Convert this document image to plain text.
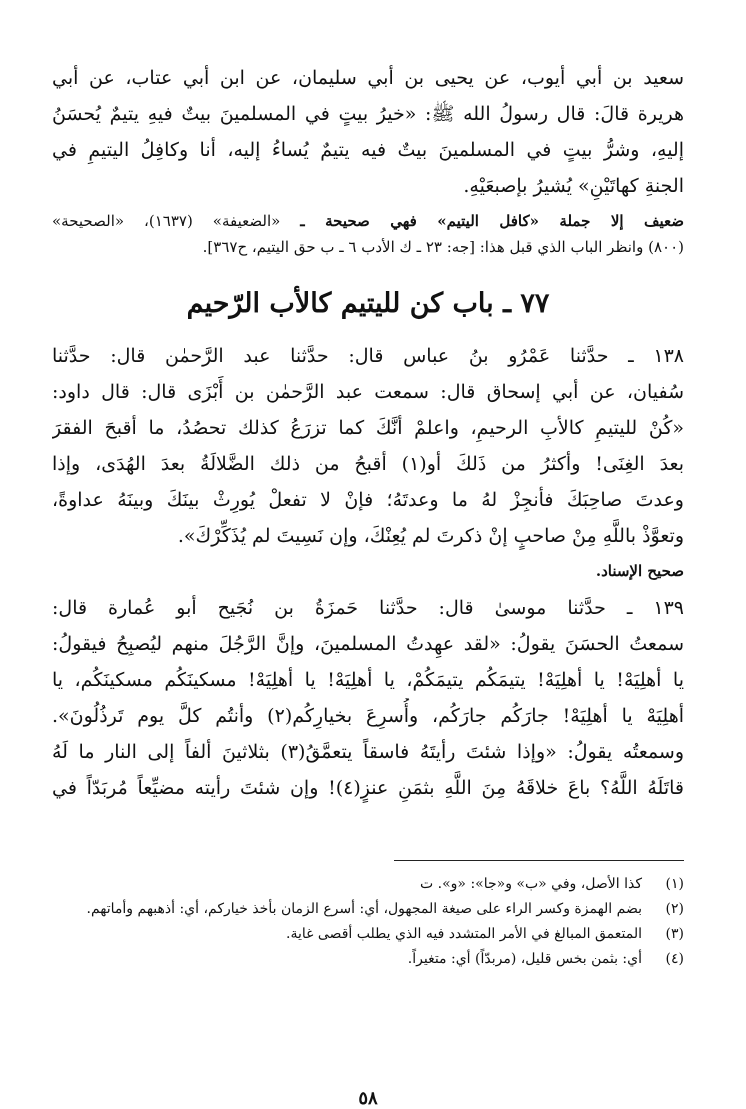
سعيد بن أبي أيوب، عن يحيى بن أبي سليمان، عن ابن أبي عتاب، عن أبي
هريرة قالَ: قال رسولُ الله ﷺ: «خيرُ بيتٍ في المسلمينَ بيتٌ فيهِ يتيمٌ يُحسَنُ
إليهِ، وشرُّ بيتٍ في المسلمينَ بيتٌ فيه يتيمٌ يُساءُ إليه، أنا وكافِلُ اليتيمِ في
الجنةِ كهاتَيْنِ» يُشيرُ بإصبعَيْهِ.
ضعيف إلا جملة «كافل اليتيم» فهي صحيحة ـ «الضعيفة» (١٦٣٧)، «الصحيحة»
(٨٠٠) وانظر الباب الذي قبل هذا: [جه: ٢٣ ـ ك الأدب ٦ ـ ب حق اليتيم، ح٣٦٧].
٧٧ ـ باب كن لليتيم كالأب الرّحيم
١٣٨ ـ حدَّثنا عَمْرُو بنُ عباس قال: حدَّثنا عبد الرَّحمٰن قال: حدَّثنا
سُفيان، عن أبي إسحاق قال: سمعت عبد الرَّحمٰن بن أَبْزَى قال: قال داود:
«كُنْ لليتيمِ كالأبِ الرحيمِ، واعلمْ أنَّكَ كما تزرَعُ كذلك تحصُدُ، ما أقبحَ الفقرَ
بعدَ الغِنَى! وأكثرُ من ذَلكَ أو(١) أقبحُ من ذلك الضَّلالَةُ بعدَ الهُدَى، وإذا
وعدتَ صاحِبَكَ فأنجِزْ لهُ ما وعدتَهُ؛ فإنْ لا تفعلْ يُورِثْ بينَكَ وبينَهُ عداوةً،
وتعوَّذْ باللَّهِ مِنْ صاحبٍ إنْ ذكرتَ لم يُعِنْكَ، وإن نَسِيتَ لم يُذَكِّرْكَ».
صحيح الإسناد.
١٣٩ ـ حدَّثنا موسىٰ قال: حدَّثنا حَمزَةُ بن نُجَيح أبو عُمارة قال:
سمعتُ الحسَنَ يقولُ: «لقد عهِدتُ المسلمينَ، وإنَّ الرَّجُلَ منهم ليُصبِحُ فيقولُ:
يا أهلِيَهْ! يا أهلِيَهْ! يتيمَكُم يتيمَكُمْ، يا أهلِيَهْ! يا أهلِيَهْ! مسكينَكُم مسكينَكُم، يا
أهلِيَهْ يا أهلِيَهْ! جارَكُم جارَكُم، وأُسرِعَ بخيارِكُم(٢) وأنتُم كلَّ يوم تَرذُلُونَ».
وسمعتُه يقولُ: «وإذا شئتَ رأيتَهُ فاسقاً يتعمَّقُ(٣) بثلاثينَ ألفاً إلى النار ما لَهُ
قاتَلَهُ اللَّهُ؟ باعَ خلاقَهُ مِنَ اللَّهِ بثمَنِ عنزٍ(٤)! وإن شئتَ رأيته مضيِّعاً مُربَدّاً في
(١)
كذا الأصل، وفي «ب» و«جا»: «و». ت
(٢)
بضم الهمزة وكسر الراء على صيغة المجهول، أي: أسرع الزمان بأخذ خياركم، أي: أذهبهم وأماتهم.
(٣)
المتعمق المبالغ في الأمر المتشدد فيه الذي يطلب أقصى غاية.
(٤)
أي: بثمن بخس قليل، (مربدّاً) أي: متغيراً.
٥٨
